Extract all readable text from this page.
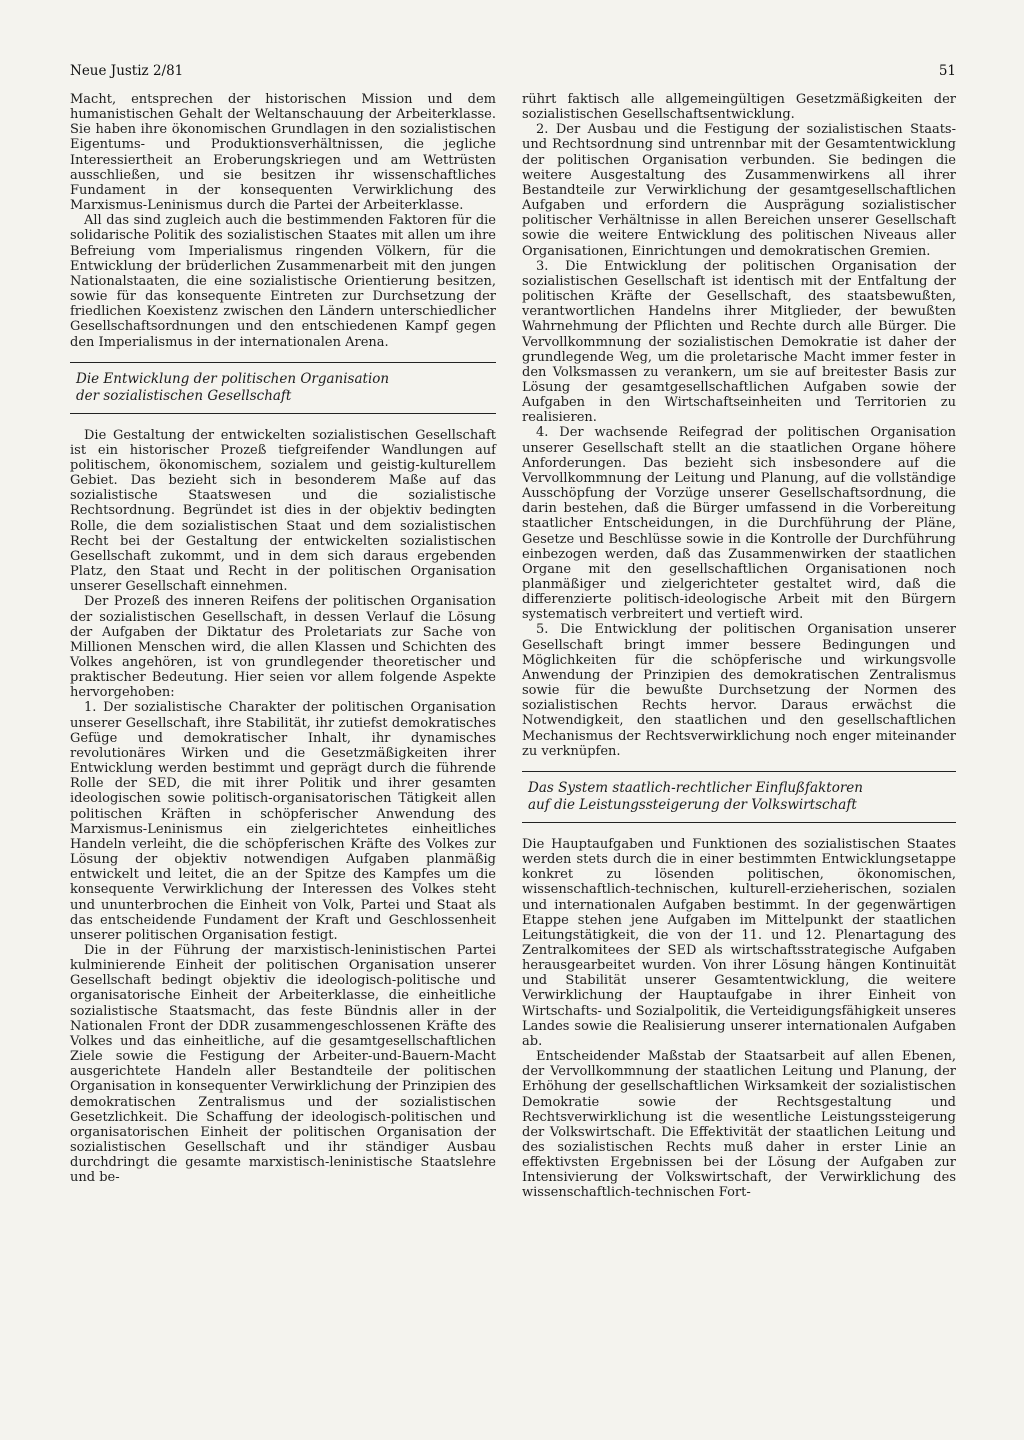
Neue Justiz 2/81	51

Macht, entsprechen der historischen Mission und dem humanistischen Gehalt der Weltanschauung der Arbeiterklasse. Sie haben ihre ökonomischen Grundlagen in den sozialistischen Eigentums- und Produktionsverhältnissen, die jegliche Interessiertheit an Eroberungskriegen und am Wettrüsten ausschließen, und sie besitzen ihr wissenschaftliches Fundament in der konsequenten Verwirklichung des Marxismus-Leninismus durch die Partei der Arbeiterklasse.

All das sind zugleich auch die bestimmenden Faktoren für die solidarische Politik des sozialistischen Staates mit allen um ihre Befreiung vom Imperialismus ringenden Völkern, für die Entwicklung der brüderlichen Zusammenarbeit mit den jungen Nationalstaaten, die eine sozialistische Orientierung besitzen, sowie für das konsequente Eintreten zur Durchsetzung der friedlichen Koexistenz zwischen den Ländern unterschiedlicher Gesellschaftsordnungen und den entschiedenen Kampf gegen den Imperialismus in der internationalen Arena.

Die Entwicklung der politischen Organisation
der sozialistischen Gesellschaft

Die Gestaltung der entwickelten sozialistischen Gesellschaft ist ein historischer Prozeß tiefgreifender Wandlungen auf politischem, ökonomischem, sozialem und geistig-kulturellem Gebiet. Das bezieht sich in besonderem Maße auf das sozialistische Staatswesen und die sozialistische Rechtsordnung. Begründet ist dies in der objektiv bedingten Rolle, die dem sozialistischen Staat und dem sozialistischen Recht bei der Gestaltung der entwickelten sozialistischen Gesellschaft zukommt, und in dem sich daraus ergebenden Platz, den Staat und Recht in der politischen Organisation unserer Gesellschaft einnehmen.

Der Prozeß des inneren Reifens der politischen Organisation der sozialistischen Gesellschaft, in dessen Verlauf die Lösung der Aufgaben der Diktatur des Proletariats zur Sache von Millionen Menschen wird, die allen Klassen und Schichten des Volkes angehören, ist von grundlegender theoretischer und praktischer Bedeutung. Hier seien vor allem folgende Aspekte hervorgehoben:

1. Der sozialistische Charakter der politischen Organisation unserer Gesellschaft, ihre Stabilität, ihr zutiefst demokratisches Gefüge und demokratischer Inhalt, ihr dynamisches revolutionäres Wirken und die Gesetzmäßigkeiten ihrer Entwicklung werden bestimmt und geprägt durch die führende Rolle der SED, die mit ihrer Politik und ihrer gesamten ideologischen sowie politisch-organisatorischen Tätigkeit allen politischen Kräften in schöpferischer Anwendung des Marxismus-Leninismus ein zielgerichtetes einheitliches Handeln verleiht, die die schöpferischen Kräfte des Volkes zur Lösung der objektiv notwendigen Aufgaben planmäßig entwickelt und leitet, die an der Spitze des Kampfes um die konsequente Verwirklichung der Interessen des Volkes steht und ununterbrochen die Einheit von Volk, Partei und Staat als das entscheidende Fundament der Kraft und Geschlossenheit unserer politischen Organisation festigt.

Die in der Führung der marxistisch-leninistischen Partei kulminierende Einheit der politischen Organisation unserer Gesellschaft bedingt objektiv die ideologisch-politische und organisatorische Einheit der Arbeiterklasse, die einheitliche sozialistische Staatsmacht, das feste Bündnis aller in der Nationalen Front der DDR zusammengeschlossenen Kräfte des Volkes und das einheitliche, auf die gesamtgesellschaftlichen Ziele sowie die Festigung der Arbeiter-und-Bauern-Macht ausgerichtete Handeln aller Bestandteile der politischen Organisation in konsequenter Verwirklichung der Prinzipien des demokratischen Zentralismus und der sozialistischen Gesetzlichkeit. Die Schaffung der ideologisch-politischen und organisatorischen Einheit der politischen Organisation der sozialistischen Gesellschaft und ihr ständiger Ausbau durchdringt die gesamte marxistisch-leninistische Staatslehre und be-

rührt faktisch alle allgemeingültigen Gesetzmäßigkeiten der sozialistischen Gesellschaftsentwicklung.

2. Der Ausbau und die Festigung der sozialistischen Staats- und Rechtsordnung sind untrennbar mit der Gesamtentwicklung der politischen Organisation verbunden. Sie bedingen die weitere Ausgestaltung des Zusammenwirkens all ihrer Bestandteile zur Verwirklichung der gesamtgesellschaftlichen Aufgaben und erfordern die Ausprägung sozialistischer politischer Verhältnisse in allen Bereichen unserer Gesellschaft sowie die weitere Entwicklung des politischen Niveaus aller Organisationen, Einrichtungen und demokratischen Gremien.

3. Die Entwicklung der politischen Organisation der sozialistischen Gesellschaft ist identisch mit der Entfaltung der politischen Kräfte der Gesellschaft, des staatsbewußten, verantwortlichen Handelns ihrer Mitglieder, der bewußten Wahrnehmung der Pflichten und Rechte durch alle Bürger. Die Vervollkommnung der sozialistischen Demokratie ist daher der grundlegende Weg, um die proletarische Macht immer fester in den Volksmassen zu verankern, um sie auf breitester Basis zur Lösung der gesamtgesellschaftlichen Aufgaben sowie der Aufgaben in den Wirtschaftseinheiten und Territorien zu realisieren.

4. Der wachsende Reifegrad der politischen Organisation unserer Gesellschaft stellt an die staatlichen Organe höhere Anforderungen. Das bezieht sich insbesondere auf die Vervollkommnung der Leitung und Planung, auf die vollständige Ausschöpfung der Vorzüge unserer Gesellschaftsordnung, die darin bestehen, daß die Bürger umfassend in die Vorbereitung staatlicher Entscheidungen, in die Durchführung der Pläne, Gesetze und Beschlüsse sowie in die Kontrolle der Durchführung einbezogen werden, daß das Zusammenwirken der staatlichen Organe mit den gesellschaftlichen Organisationen noch planmäßiger und zielgerichteter gestaltet wird, daß die differenzierte politisch-ideologische Arbeit mit den Bürgern systematisch verbreitert und vertieft wird.

5. Die Entwicklung der politischen Organisation unserer Gesellschaft bringt immer bessere Bedingungen und Möglichkeiten für die schöpferische und wirkungsvolle Anwendung der Prinzipien des demokratischen Zentralismus sowie für die bewußte Durchsetzung der Normen des sozialistischen Rechts hervor. Daraus erwächst die Notwendigkeit, den staatlichen und den gesellschaftlichen Mechanismus der Rechtsverwirklichung noch enger miteinander zu verknüpfen.

Das System staatlich-rechtlicher Einflußfaktoren
auf die Leistungssteigerung der Volkswirtschaft

Die Hauptaufgaben und Funktionen des sozialistischen Staates werden stets durch die in einer bestimmten Entwicklungsetappe konkret zu lösenden politischen, ökonomischen, wissenschaftlich-technischen, kulturell-erzieherischen, sozialen und internationalen Aufgaben bestimmt. In der gegenwärtigen Etappe stehen jene Aufgaben im Mittelpunkt der staatlichen Leitungstätigkeit, die von der 11. und 12. Plenartagung des Zentralkomitees der SED als wirtschaftsstrategische Aufgaben herausgearbeitet wurden. Von ihrer Lösung hängen Kontinuität und Stabilität unserer Gesamtentwicklung, die weitere Verwirklichung der Hauptaufgabe in ihrer Einheit von Wirtschafts- und Sozialpolitik, die Verteidigungsfähigkeit unseres Landes sowie die Realisierung unserer internationalen Aufgaben ab.

Entscheidender Maßstab der Staatsarbeit auf allen Ebenen, der Vervollkommnung der staatlichen Leitung und Planung, der Erhöhung der gesellschaftlichen Wirksamkeit der sozialistischen Demokratie sowie der Rechtsgestaltung und Rechtsverwirklichung ist die wesentliche Leistungssteigerung der Volkswirtschaft. Die Effektivität der staatlichen Leitung und des sozialistischen Rechts muß daher in erster Linie an effektivsten Ergebnissen bei der Lösung der Aufgaben zur Intensivierung der Volkswirtschaft, der Verwirklichung des wissenschaftlich-technischen Fort-
